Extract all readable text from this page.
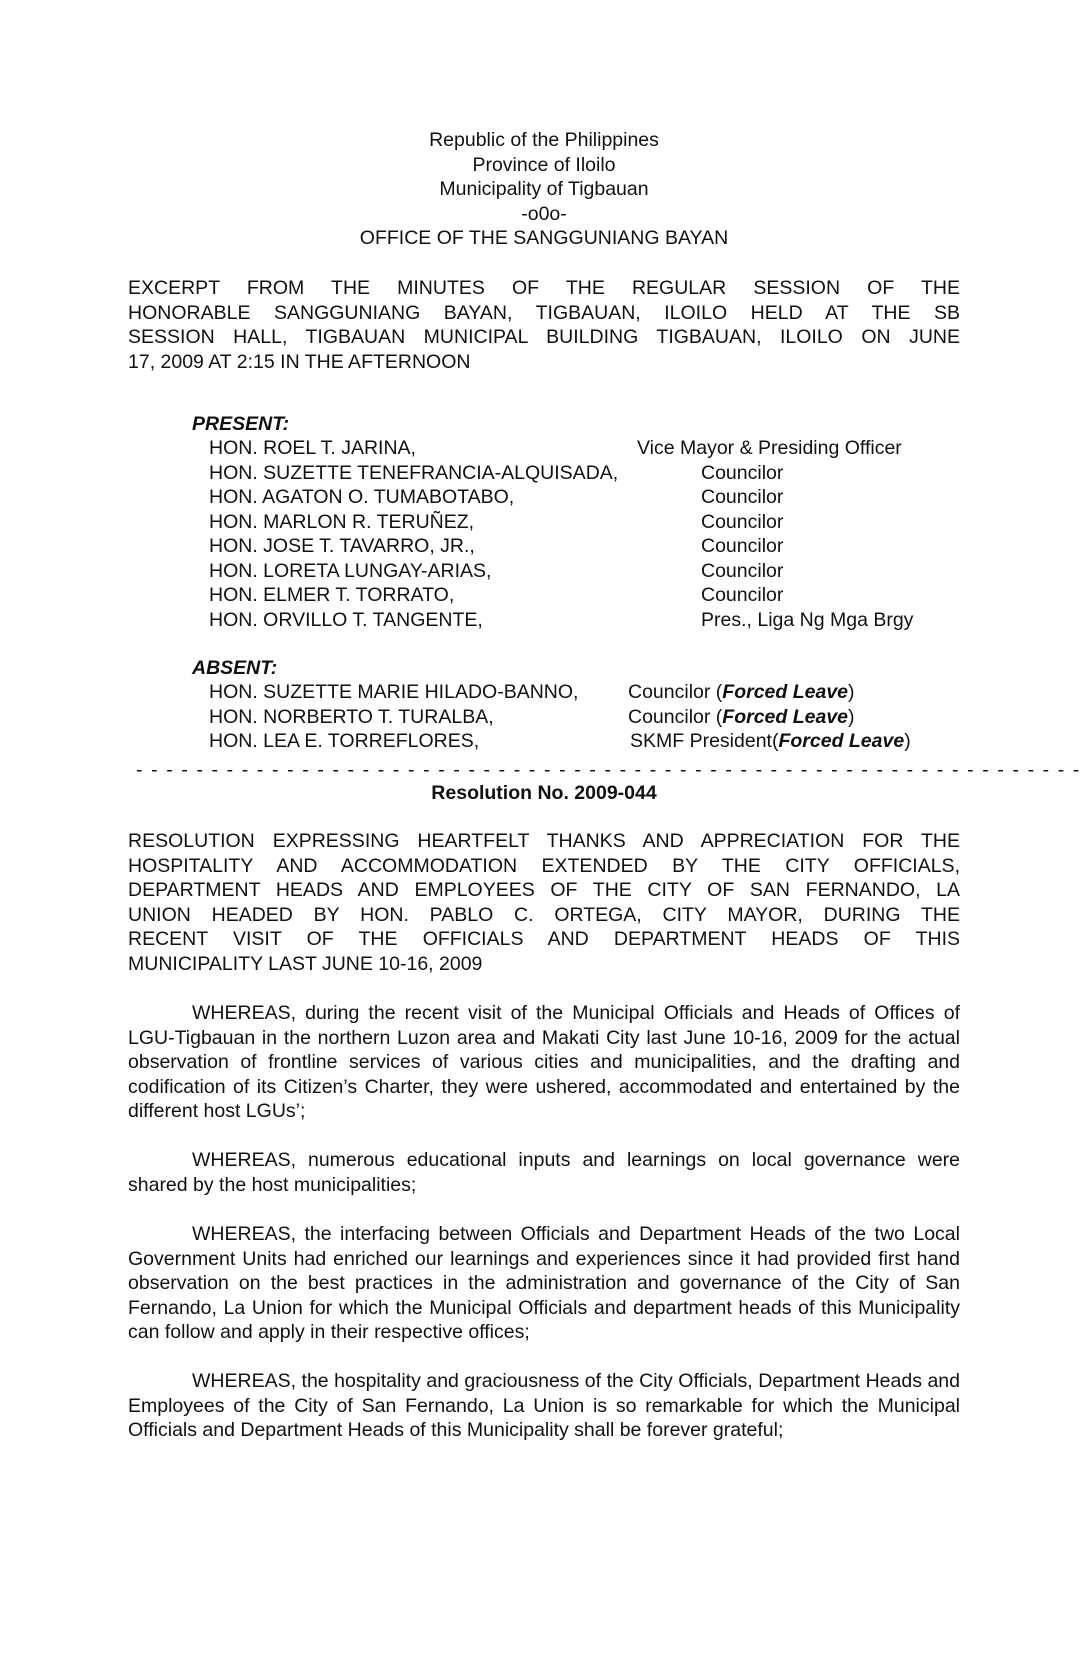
Republic of the Philippines
Province of Iloilo
Municipality of Tigbauan
-o0o-
OFFICE OF THE SANGGUNIANG BAYAN
EXCERPT FROM THE MINUTES OF THE REGULAR SESSION OF THE
HONORABLE SANGGUNIANG BAYAN, TIGBAUAN, ILOILO HELD AT THE SB
SESSION HALL, TIGBAUAN MUNICIPAL BUILDING TIGBAUAN, ILOILO ON JUNE
17, 2009 AT 2:15 IN THE AFTERNOON
PRESENT:
HON. ROEL T. JARINA,	Vice Mayor & Presiding Officer
HON. SUZETTE TENEFRANCIA-ALQUISADA,	Councilor
HON. AGATON O. TUMABOTABO,	Councilor
HON. MARLON R. TERUÑEZ,	Councilor
HON. JOSE T. TAVARRO, JR.,	Councilor
HON. LORETA LUNGAY-ARIAS,	Councilor
HON. ELMER T. TORRATO,	Councilor
HON. ORVILLO T. TANGENTE,	Pres., Liga Ng Mga Brgy
ABSENT:
HON. SUZETTE MARIE HILADO-BANNO,	Councilor (Forced Leave)
HON. NORBERTO T. TURALBA,	Councilor (Forced Leave)
HON. LEA E. TORREFLORES,	SKMF President(Forced Leave)
- - - - - - - - - - - - - - - - - - - - - - - - - - - - - - - - - - - - - - - - - - - - - - - - - - - - - - - - - - - - - - -
Resolution No. 2009-044
RESOLUTION EXPRESSING HEARTFELT THANKS AND APPRECIATION FOR THE
HOSPITALITY AND ACCOMMODATION EXTENDED BY THE CITY OFFICIALS,
DEPARTMENT HEADS AND EMPLOYEES OF THE CITY OF SAN FERNANDO, LA
UNION HEADED BY HON. PABLO C. ORTEGA, CITY MAYOR, DURING THE
RECENT VISIT OF THE OFFICIALS AND DEPARTMENT HEADS OF THIS
MUNICIPALITY LAST JUNE 10-16, 2009
WHEREAS, during the recent visit of the Municipal Officials and Heads of Offices of LGU-Tigbauan in the northern Luzon area and Makati City last June 10-16, 2009 for the actual observation of frontline services of various cities and municipalities, and the drafting and codification of its Citizen’s Charter, they were ushered, accommodated and entertained by the different host LGUs’;
WHEREAS, numerous educational inputs and learnings on local governance were shared by the host municipalities;
WHEREAS, the interfacing between Officials and Department Heads of the two Local Government Units had enriched our learnings and experiences since it had provided first hand observation on the best practices in the administration and governance of the City of San Fernando, La Union for which the Municipal Officials and department heads of this Municipality can follow and apply in their respective offices;
WHEREAS, the hospitality and graciousness of the City Officials, Department Heads and Employees of the City of San Fernando, La Union is so remarkable for which the Municipal Officials and Department Heads of this Municipality shall be forever grateful;
